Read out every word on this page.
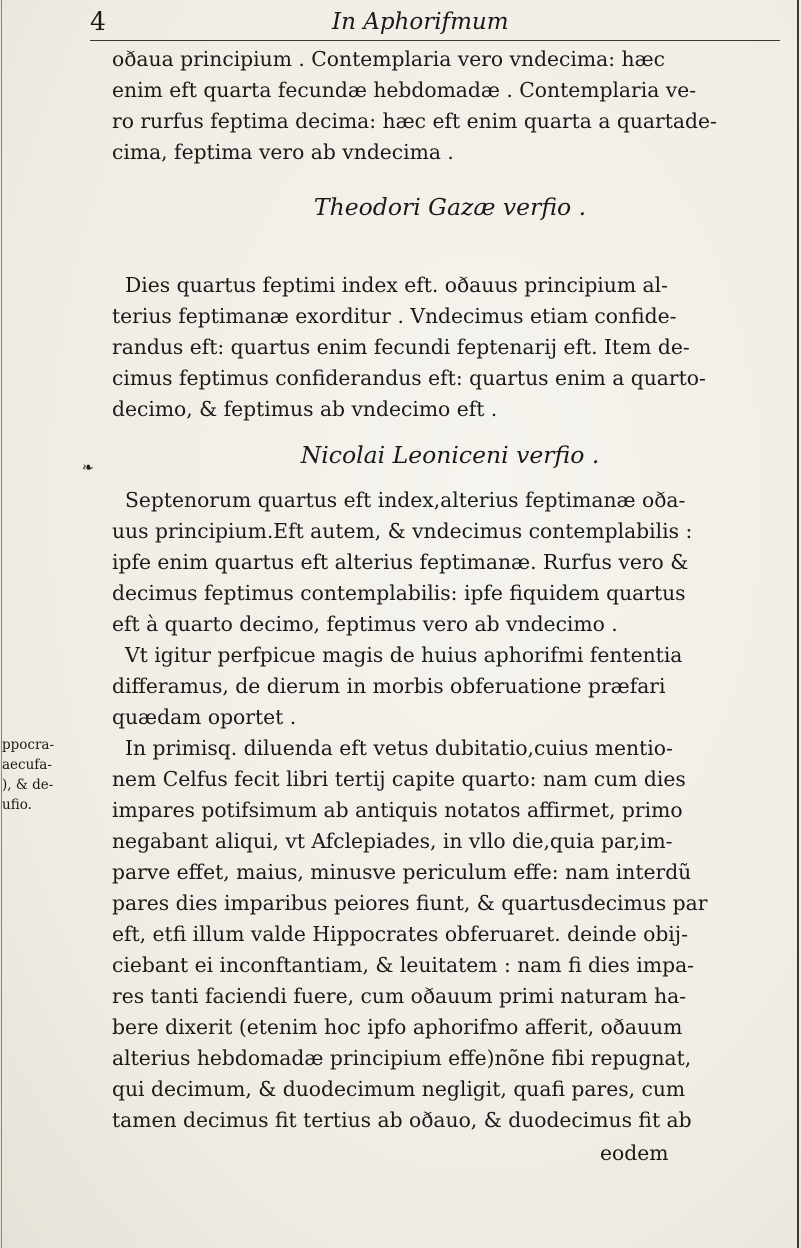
4	In Aphorifmum
oðaua principium . Contemplaria vero vndecima: hæc
enim eft quarta fecundæ hebdomadæ . Contemplaria ve-
ro rurfus feptima decima: hæc eft enim quarta a quartade-
cima, feptima vero ab vndecima .
Theodori Gazæ verfio .
Dies quartus feptimi index eft. oðauus principium al-
terius feptimanæ exorditur . Vndecimus etiam confide-
randus eft: quartus enim fecundi feptenarij eft. Item de-
cimus feptimus confiderandus eft: quartus enim a quarto-
decimo, & feptimus ab vndecimo eft .
❧	Nicolai Leoniceni verfio .
Septenorum quartus eft index,alterius feptimanæ oða-
uus principium.Eft autem, & vndecimus contemplabilis :
ipfe enim quartus eft alterius feptimanæ. Rurfus vero &
decimus feptimus contemplabilis: ipfe fiquidem quartus
eft à quarto decimo, feptimus vero ab vndecimo .
Vt igitur perfpicue magis de huius aphorifmi fententia
differamus, de dierum in morbis obferuatione præfari
quædam oportet .
In primisq. diluenda eft vetus dubitatio,cuius mentio-
nem Celfus fecit libri tertij capite quarto: nam cum dies
impares potifsimum ab antiquis notatos affirmet, primo
negabant aliqui, vt Afclepiades, in vllo die,quia par,im-
parve effet, maius, minusve periculum effe: nam interdũ
pares dies imparibus peiores fiunt, & quartusdecimus par
eft, etfi illum valde Hippocrates obferuaret. deinde obij-
ciebant ei inconftantiam, & leuitatem : nam fi dies impa-
res tanti faciendi fuere, cum oðauum primi naturam ha-
bere dixerit (etenim hoc ipfo aphorifmo afferit, oðauum
alterius hebdomadæ principium effe)nõne fibi repugnat,
qui decimum, & duodecimum negligit, quafi pares, cum
tamen decimus fit tertius ab oðauo, & duodecimus fit ab
eodem
ppocra-
aecufa-
), & de-
ufio.
